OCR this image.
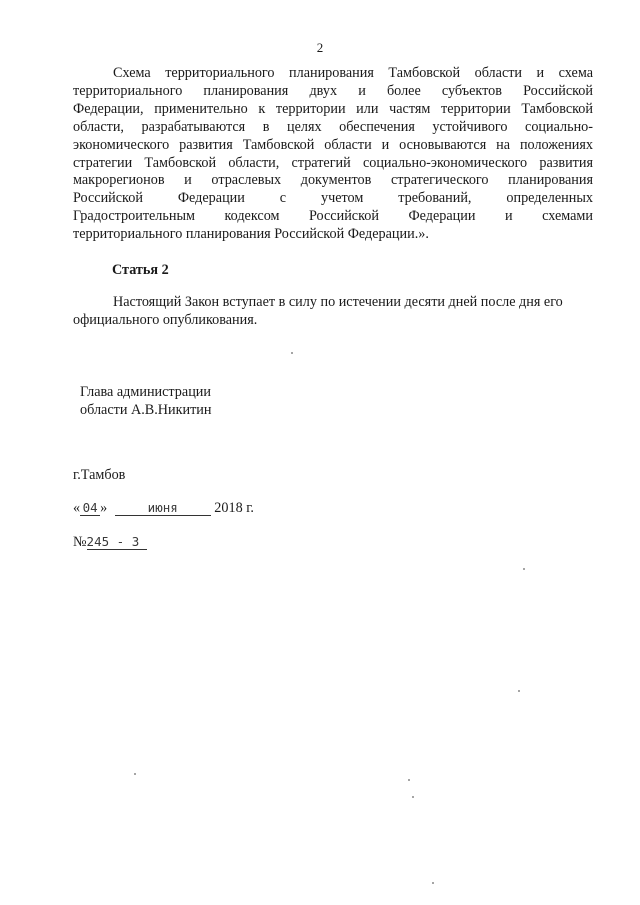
2
Схема территориального планирования Тамбовской области и схема
территориального планирования двух и более субъектов Российской
Федерации, применительно к территории или частям территории Тамбовской
области, разрабатываются в целях обеспечения устойчивого социально-
экономического развития Тамбовской области и основываются на положениях
стратегии Тамбовской области, стратегий социально-экономического развития
макрорегионов и отраслевых документов стратегического планирования
Российской Федерации с учетом требований, определенных
Градостроительным кодексом Российской Федерации и схемами
территориального планирования Российской Федерации.».
Статья 2
Настоящий Закон вступает в силу по истечении десяти дней после дня его
официального опубликования.
Глава администрации
области А.В.Никитин
г.Тамбов
« 04 »	июня	2018 г.
№245 - З
